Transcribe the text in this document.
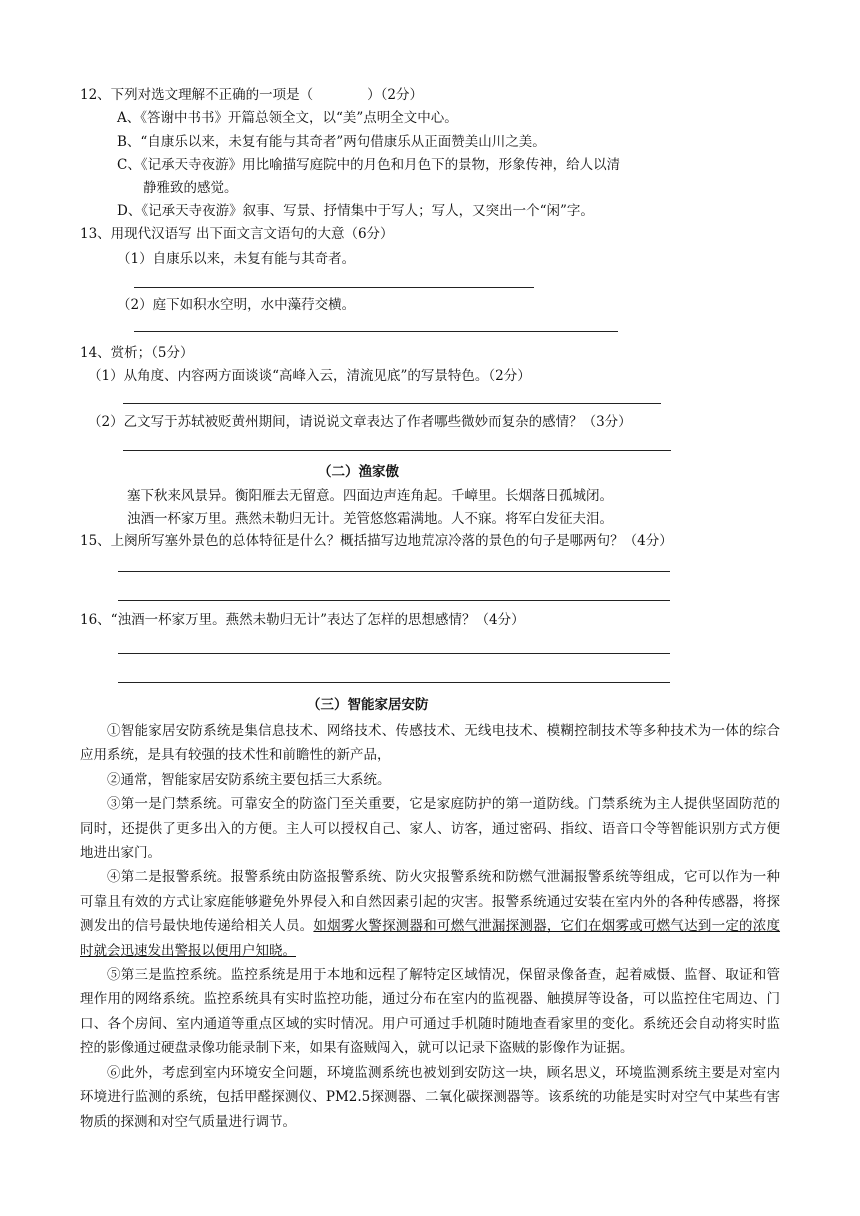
12、下列对选文理解不正确的一项是（　　　　）（2分）
A、《答谢中书书》开篇总领全文，以“美”点明全文中心。
B、“自康乐以来，未复有能与其奇者”两句借康乐从正面赞美山川之美。
C、《记承天寺夜游》用比喻描写庭院中的月色和月色下的景物，形象传神，给人以清
静雅致的感觉。
D、《记承天寺夜游》叙事、写景、抒情集中于写人；写人，又突出一个“闲”字。
13、用现代汉语写 出下面文言文语句的大意（6分）
（1）自康乐以来，未复有能与其奇者。
（2）庭下如积水空明，水中藻荇交横。
14、赏析；（5分）
（1）从角度、内容两方面谈谈“高峰入云，清流见底”的写景特色。（2分）
（2）乙文写于苏轼被贬黄州期间，请说说文章表达了作者哪些微妙而复杂的感情？（3分）
（二）渔家傲
塞下秋来风景异。衡阳雁去无留意。四面边声连角起。千嶂里。长烟落日孤城闭。
浊酒一杯家万里。燕然未勒归无计。羌管悠悠霜满地。人不寐。将军白发征夫泪。
15、上阕所写塞外景色的总体特征是什么？概括描写边地荒凉冷落的景色的句子是哪两句？（4分）
16、“浊酒一杯家万里。燕然未勒归无计”表达了怎样的思想感情？（4分）
（三）智能家居安防

①智能家居安防系统是集信息技术、网络技术、传感技术、无线电技术、模糊控制技术等多种技术为一体的综合应用系统，是具有较强的技术性和前瞻性的新产品，

②通常，智能家居安防系统主要包括三大系统。

③第一是门禁系统。可靠安全的防盗门至关重要，它是家庭防护的第一道防线。门禁系统为主人提供坚固防范的同时，还提供了更多出入的方便。主人可以授权自己、家人、访客，通过密码、指纹、语音口令等智能识别方式方便地进出家门。

④第二是报警系统。报警系统由防盗报警系统、防火灾报警系统和防燃气泄漏报警系统等组成，它可以作为一种可靠且有效的方式让家庭能够避免外界侵入和自然因素引起的灾害。报警系统通过安装在室内外的各种传感器，将探测发出的信号最快地传递给相关人员。如烟雾火警探测器和可燃气泄漏探测器，它们在烟雾或可燃气达到一定的浓度时就会迅速发出警报以便用户知晓。

⑤第三是监控系统。监控系统是用于本地和远程了解特定区域情况，保留录像备查，起着威慑、监督、取证和管理作用的网络系统。监控系统具有实时监控功能，通过分布在室内的监视器、触摸屏等设备，可以监控住宅周边、门口、各个房间、室内通道等重点区域的实时情况。用户可通过手机随时随地查看家里的变化。系统还会自动将实时监控的影像通过硬盘录像功能录制下来，如果有盗贼闯入，就可以记录下盗贼的影像作为证据。

⑥此外，考虑到室内环境安全问题，环境监测系统也被划到安防这一块，顾名思义，环境监测系统主要是对室内环境进行监测的系统，包括甲醛探测仪、PM2.5探测器、二氧化碳探测器等。该系统的功能是实时对空气中某些有害物质的探测和对空气质量进行调节。
